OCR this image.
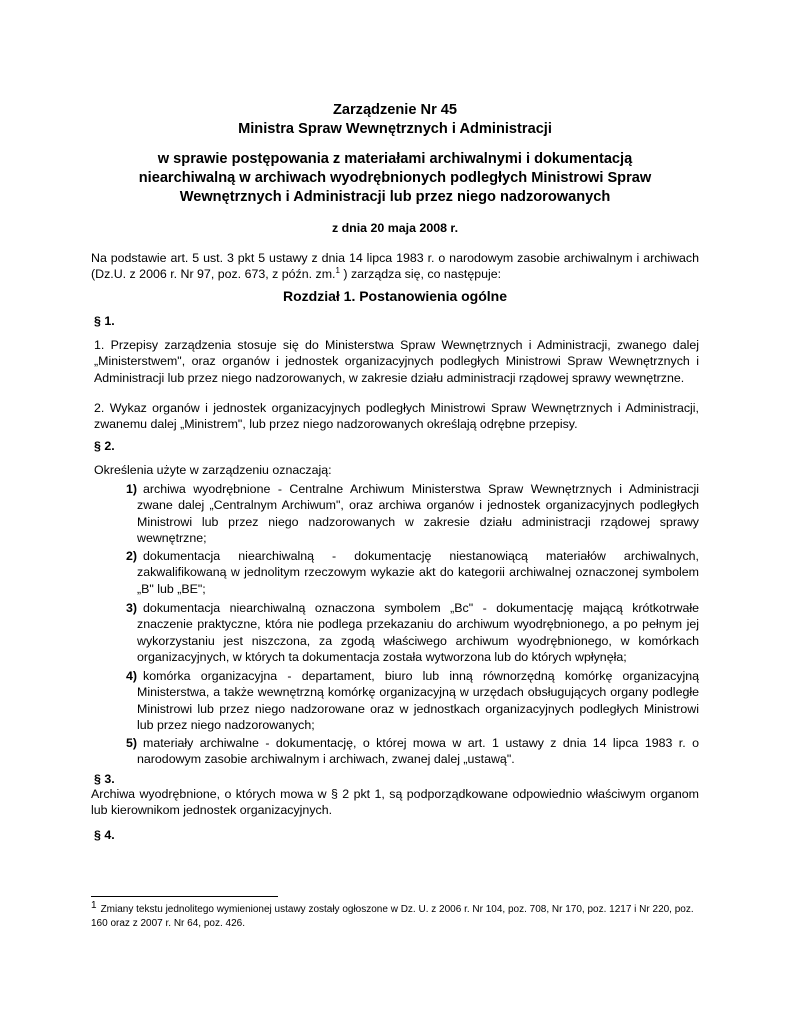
Zarządzenie Nr 45
Ministra Spraw Wewnętrznych i Administracji
w sprawie postępowania z materiałami archiwalnymi i dokumentacją
niearchiwalną w archiwach wyodrębnionych podległych Ministrowi Spraw
Wewnętrznych i Administracji lub przez niego nadzorowanych
z dnia 20 maja 2008 r.
Na podstawie art. 5 ust. 3 pkt 5 ustawy z dnia 14 lipca 1983 r. o narodowym zasobie archiwalnym i archiwach (Dz.U. z 2006 r. Nr 97, poz. 673, z późn. zm.$^1$ ) zarządza się, co następuje:
Rozdział 1. Postanowienia ogólne
§ 1.
1. Przepisy zarządzenia stosuje się do Ministerstwa Spraw Wewnętrznych i Administracji, zwanego dalej „Ministerstwem", oraz organów i jednostek organizacyjnych podległych Ministrowi Spraw Wewnętrznych i Administracji lub przez niego nadzorowanych, w zakresie działu administracji rządowej sprawy wewnętrzne.
2. Wykaz organów i jednostek organizacyjnych podległych Ministrowi Spraw Wewnętrznych i Administracji, zwanemu dalej „Ministrem", lub przez niego nadzorowanych określają odrębne przepisy.
§ 2.
Określenia użyte w zarządzeniu oznaczają:
1) archiwa wyodrębnione - Centralne Archiwum Ministerstwa Spraw Wewnętrznych i Administracji zwane dalej „Centralnym Archiwum", oraz archiwa organów i jednostek organizacyjnych podległych Ministrowi lub przez niego nadzorowanych w zakresie działu administracji rządowej sprawy wewnętrzne;
2) dokumentacja niearchiwalną - dokumentację niestanowiącą materiałów archiwalnych, zakwalifikowaną w jednolitym rzeczowym wykazie akt do kategorii archiwalnej oznaczonej symbolem „B" lub „BE";
3) dokumentacja niearchiwalną oznaczona symbolem „Bc" - dokumentację mającą krótkotrwałe znaczenie praktyczne, która nie podlega przekazaniu do archiwum wyodrębnionego, a po pełnym jej wykorzystaniu jest niszczona, za zgodą właściwego archiwum wyodrębnionego, w komórkach organizacyjnych, w których ta dokumentacja została wytworzona lub do których wpłynęła;
4) komórka organizacyjna - departament, biuro lub inną równorzędną komórkę organizacyjną Ministerstwa, a także wewnętrzną komórkę organizacyjną w urzędach obsługujących organy podległe Ministrowi lub przez niego nadzorowane oraz w jednostkach organizacyjnych podległych Ministrowi lub przez niego nadzorowanych;
5) materiały archiwalne - dokumentację, o której mowa w art. 1 ustawy z dnia 14 lipca 1983 r. o narodowym zasobie archiwalnym i archiwach, zwanej dalej „ustawą".
§ 3.
Archiwa wyodrębnione, o których mowa w § 2 pkt 1, są podporządkowane odpowiednio właściwym organom lub kierownikom jednostek organizacyjnych.
§ 4.
$^1$ Zmiany tekstu jednolitego wymienionej ustawy zostały ogłoszone w Dz. U. z 2006 r. Nr 104, poz. 708, Nr 170, poz. 1217 i Nr 220, poz. 160 oraz z 2007 r. Nr 64, poz. 426.
